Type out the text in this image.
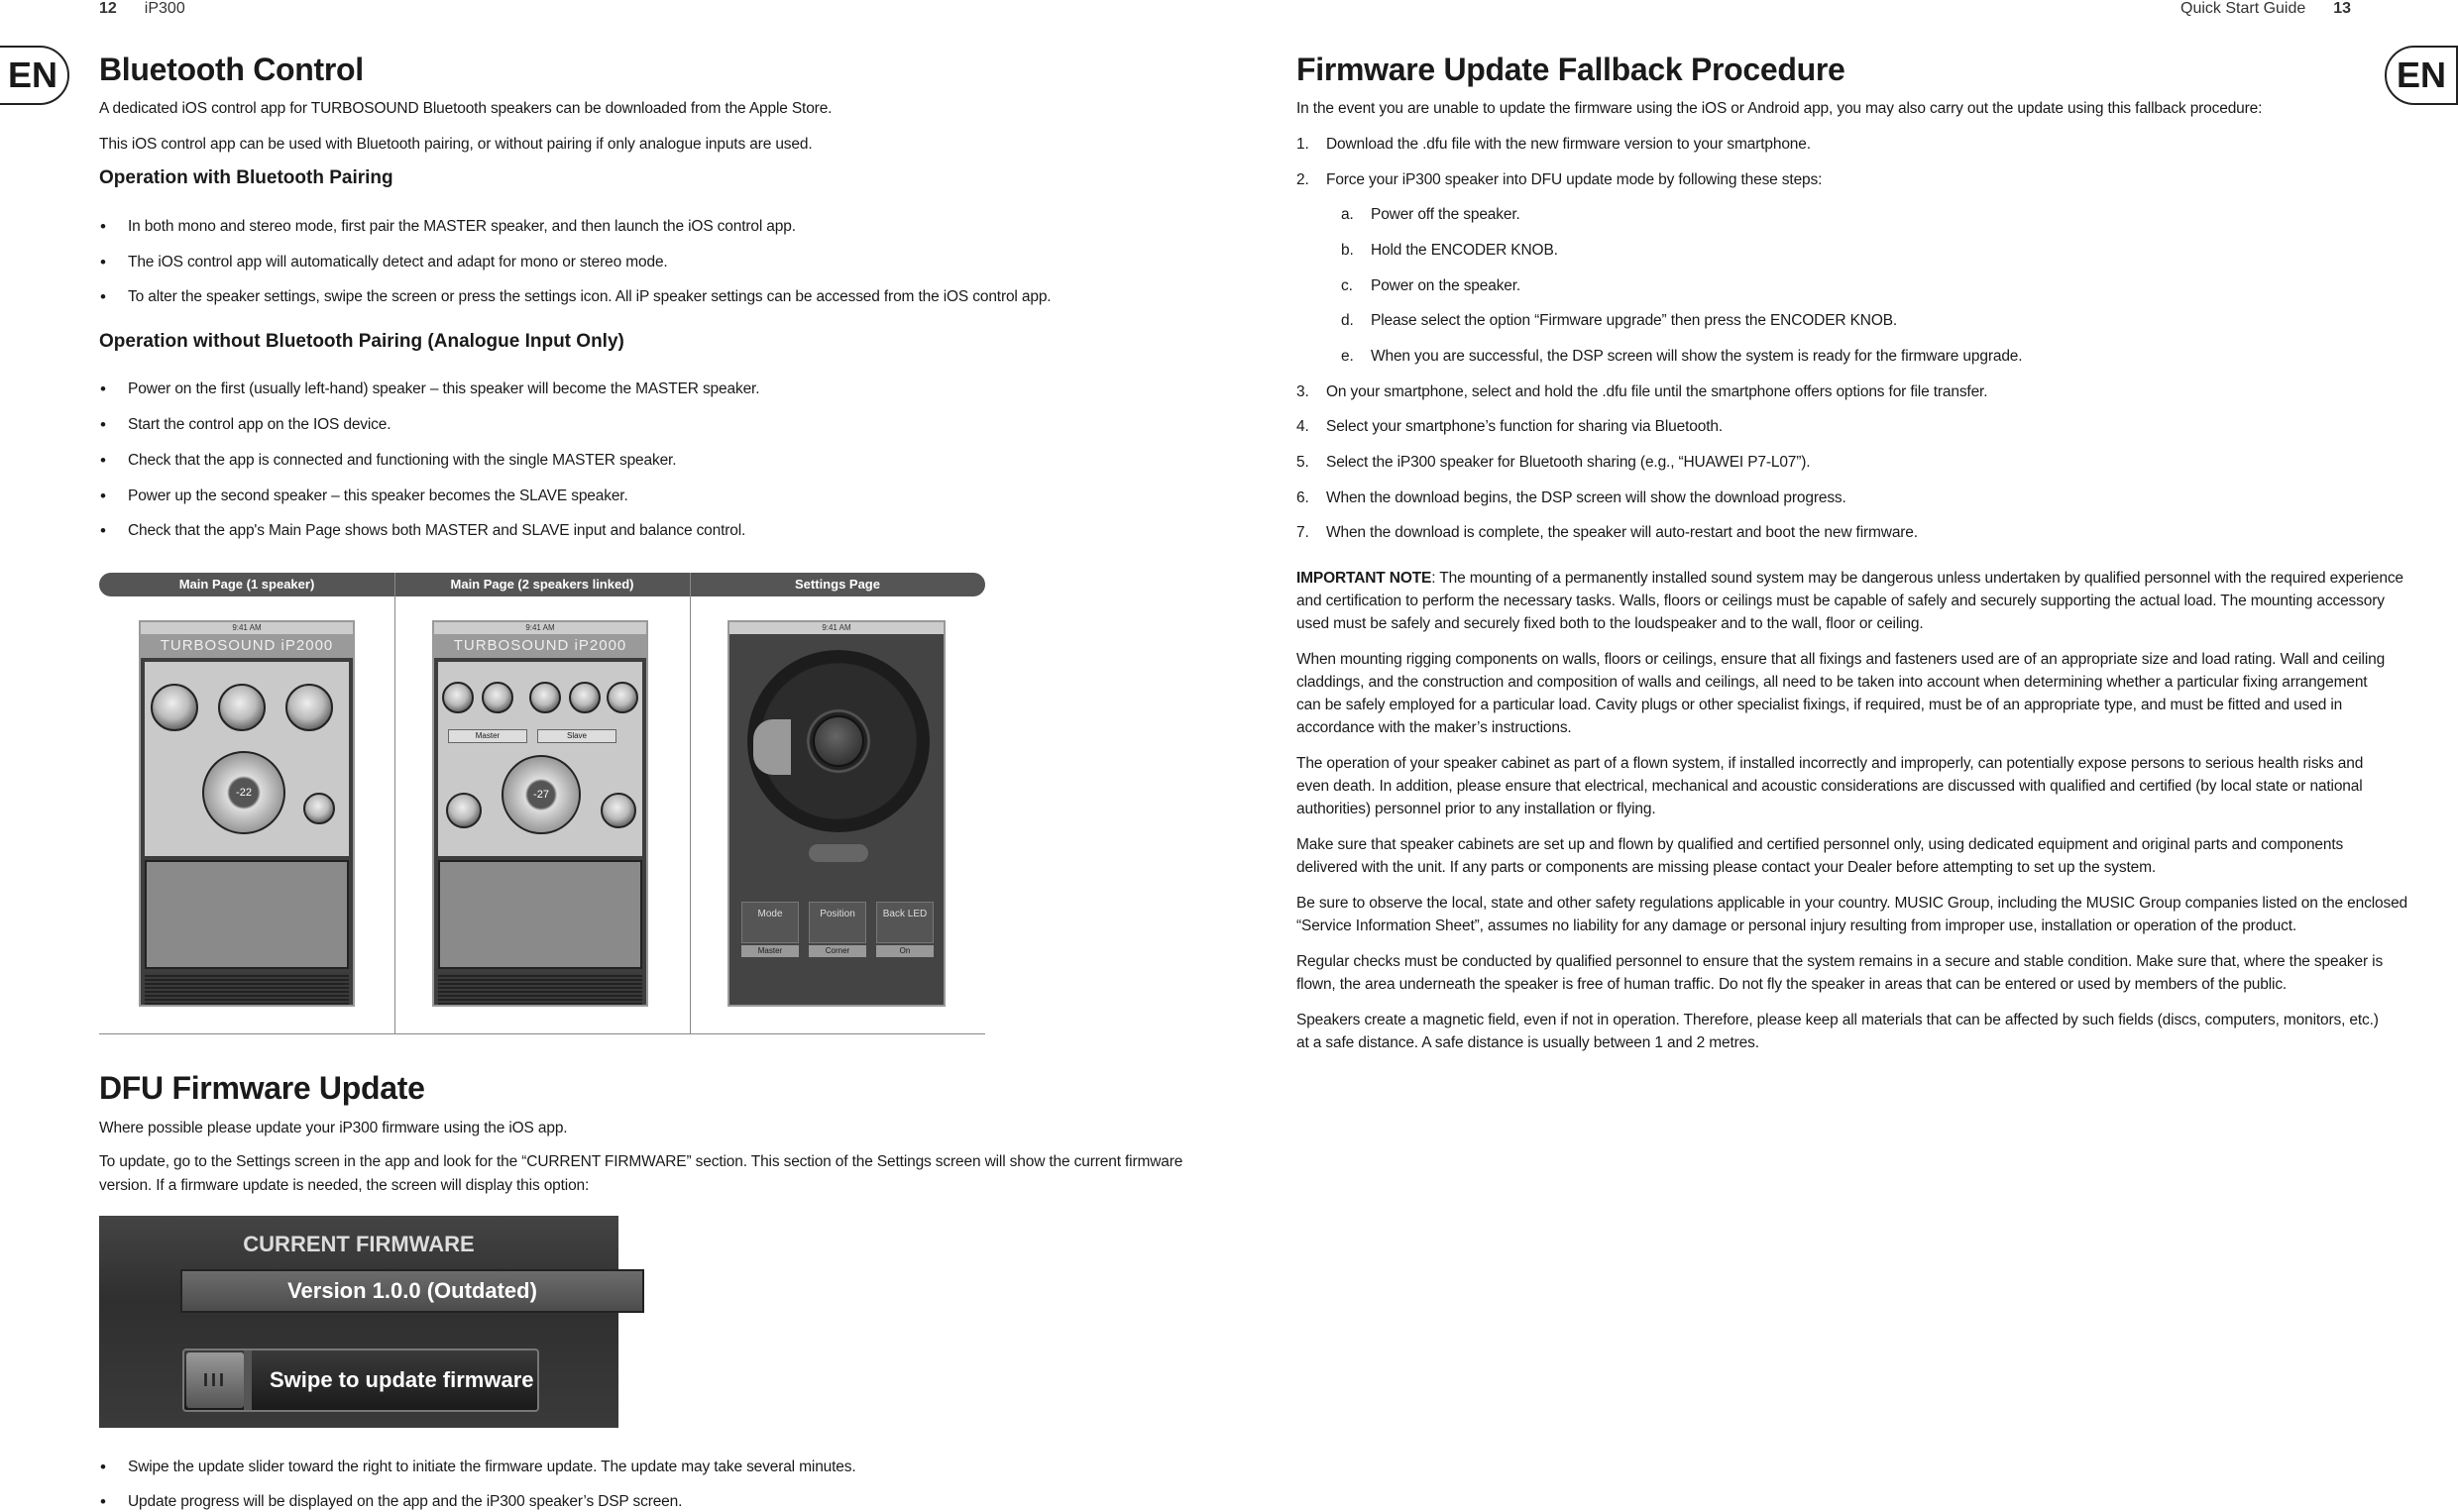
12 iP300	Quick Start Guide 13
EN	EN
Bluetooth Control

A dedicated iOS control app for TURBOSOUND Bluetooth speakers can be downloaded from the Apple Store.

This iOS control app can be used with Bluetooth pairing, or without pairing if only analogue inputs are used.

Operation with Bluetooth Pairing
• In both mono and stereo mode, first pair the MASTER speaker, and then launch the iOS control app.
• The iOS control app will automatically detect and adapt for mono or stereo mode.
• To alter the speaker settings, swipe the screen or press the settings icon. All iP speaker settings can be accessed from the iOS control app.
Operation without Bluetooth Pairing (Analogue Input Only)
• Power on the first (usually left-hand) speaker – this speaker will become the MASTER speaker.
• Start the control app on the IOS device.
• Check that the app is connected and functioning with the single MASTER speaker.
• Power up the second speaker – this speaker becomes the SLAVE speaker.
• Check that the app's Main Page shows both MASTER and SLAVE input and balance control.
Main Page (1 speaker)	Main Page (2 speakers linked)	Settings Page
9:41 AM
TURBOSOUND iP2000
-22
9:41 AM
TURBOSOUND iP2000
Master	Slave
-27
9:41 AM
Mode	Position	Back LED
Master	Corner	On
DFU Firmware Update

Where possible please update your iP300 firmware using the iOS app.

To update, go to the Settings screen in the app and look for the “CURRENT FIRMWARE” section. This section of the Settings screen will show the current firmware

version. If a firmware update is needed, the screen will display this option:

CURRENT FIRMWARE
Version 1.0.0 (Outdated)
III	Swipe to update firmware
• Swipe the update slider toward the right to initiate the firmware update. The update may take several minutes.
• Update progress will be displayed on the app and the iP300 speaker’s DSP screen.
Firmware Update Fallback Procedure

In the event you are unable to update the firmware using the iOS or Android app, you may also carry out the update using this fallback procedure:

1. Download the .dfu file with the new firmware version to your smartphone.
2. Force your iP300 speaker into DFU update mode by following these steps:
a. Power off the speaker.
b. Hold the ENCODER KNOB.
c. Power on the speaker.
d. Please select the option “Firmware upgrade” then press the ENCODER KNOB.
e. When you are successful, the DSP screen will show the system is ready for the firmware upgrade.
3. On your smartphone, select and hold the .dfu file until the smartphone offers options for file transfer.
4. Select your smartphone’s function for sharing via Bluetooth.
5. Select the iP300 speaker for Bluetooth sharing (e.g., “HUAWEI P7-L07”).
6. When the download begins, the DSP screen will show the download progress.
7. When the download is complete, the speaker will auto-restart and boot the new firmware.

IMPORTANT NOTE: The mounting of a permanently installed sound system may be dangerous unless undertaken by qualified personnel with the required experience

and certification to perform the necessary tasks. Walls, floors or ceilings must be capable of safely and securely supporting the actual load. The mounting accessory

used must be safely and securely fixed both to the loudspeaker and to the wall, floor or ceiling.

When mounting rigging components on walls, floors or ceilings, ensure that all fixings and fasteners used are of an appropriate size and load rating. Wall and ceiling

claddings, and the construction and composition of walls and ceilings, all need to be taken into account when determining whether a particular fixing arrangement

can be safely employed for a particular load. Cavity plugs or other specialist fixings, if required, must be of an appropriate type, and must be fitted and used in

accordance with the maker’s instructions.

The operation of your speaker cabinet as part of a flown system, if installed incorrectly and improperly, can potentially expose persons to serious health risks and

even death. In addition, please ensure that electrical, mechanical and acoustic considerations are discussed with qualified and certified (by local state or national

authorities) personnel prior to any installation or flying.

Make sure that speaker cabinets are set up and flown by qualified and certified personnel only, using dedicated equipment and original parts and components

delivered with the unit. If any parts or components are missing please contact your Dealer before attempting to set up the system.

Be sure to observe the local, state and other safety regulations applicable in your country. MUSIC Group, including the MUSIC Group companies listed on the enclosed

“Service Information Sheet”, assumes no liability for any damage or personal injury resulting from improper use, installation or operation of the product.

Regular checks must be conducted by qualified personnel to ensure that the system remains in a secure and stable condition. Make sure that, where the speaker is

flown, the area underneath the speaker is free of human traffic. Do not fly the speaker in areas that can be entered or used by members of the public.

Speakers create a magnetic field, even if not in operation. Therefore, please keep all materials that can be affected by such fields (discs, computers, monitors, etc.)

at a safe distance. A safe distance is usually between 1 and 2 metres.
